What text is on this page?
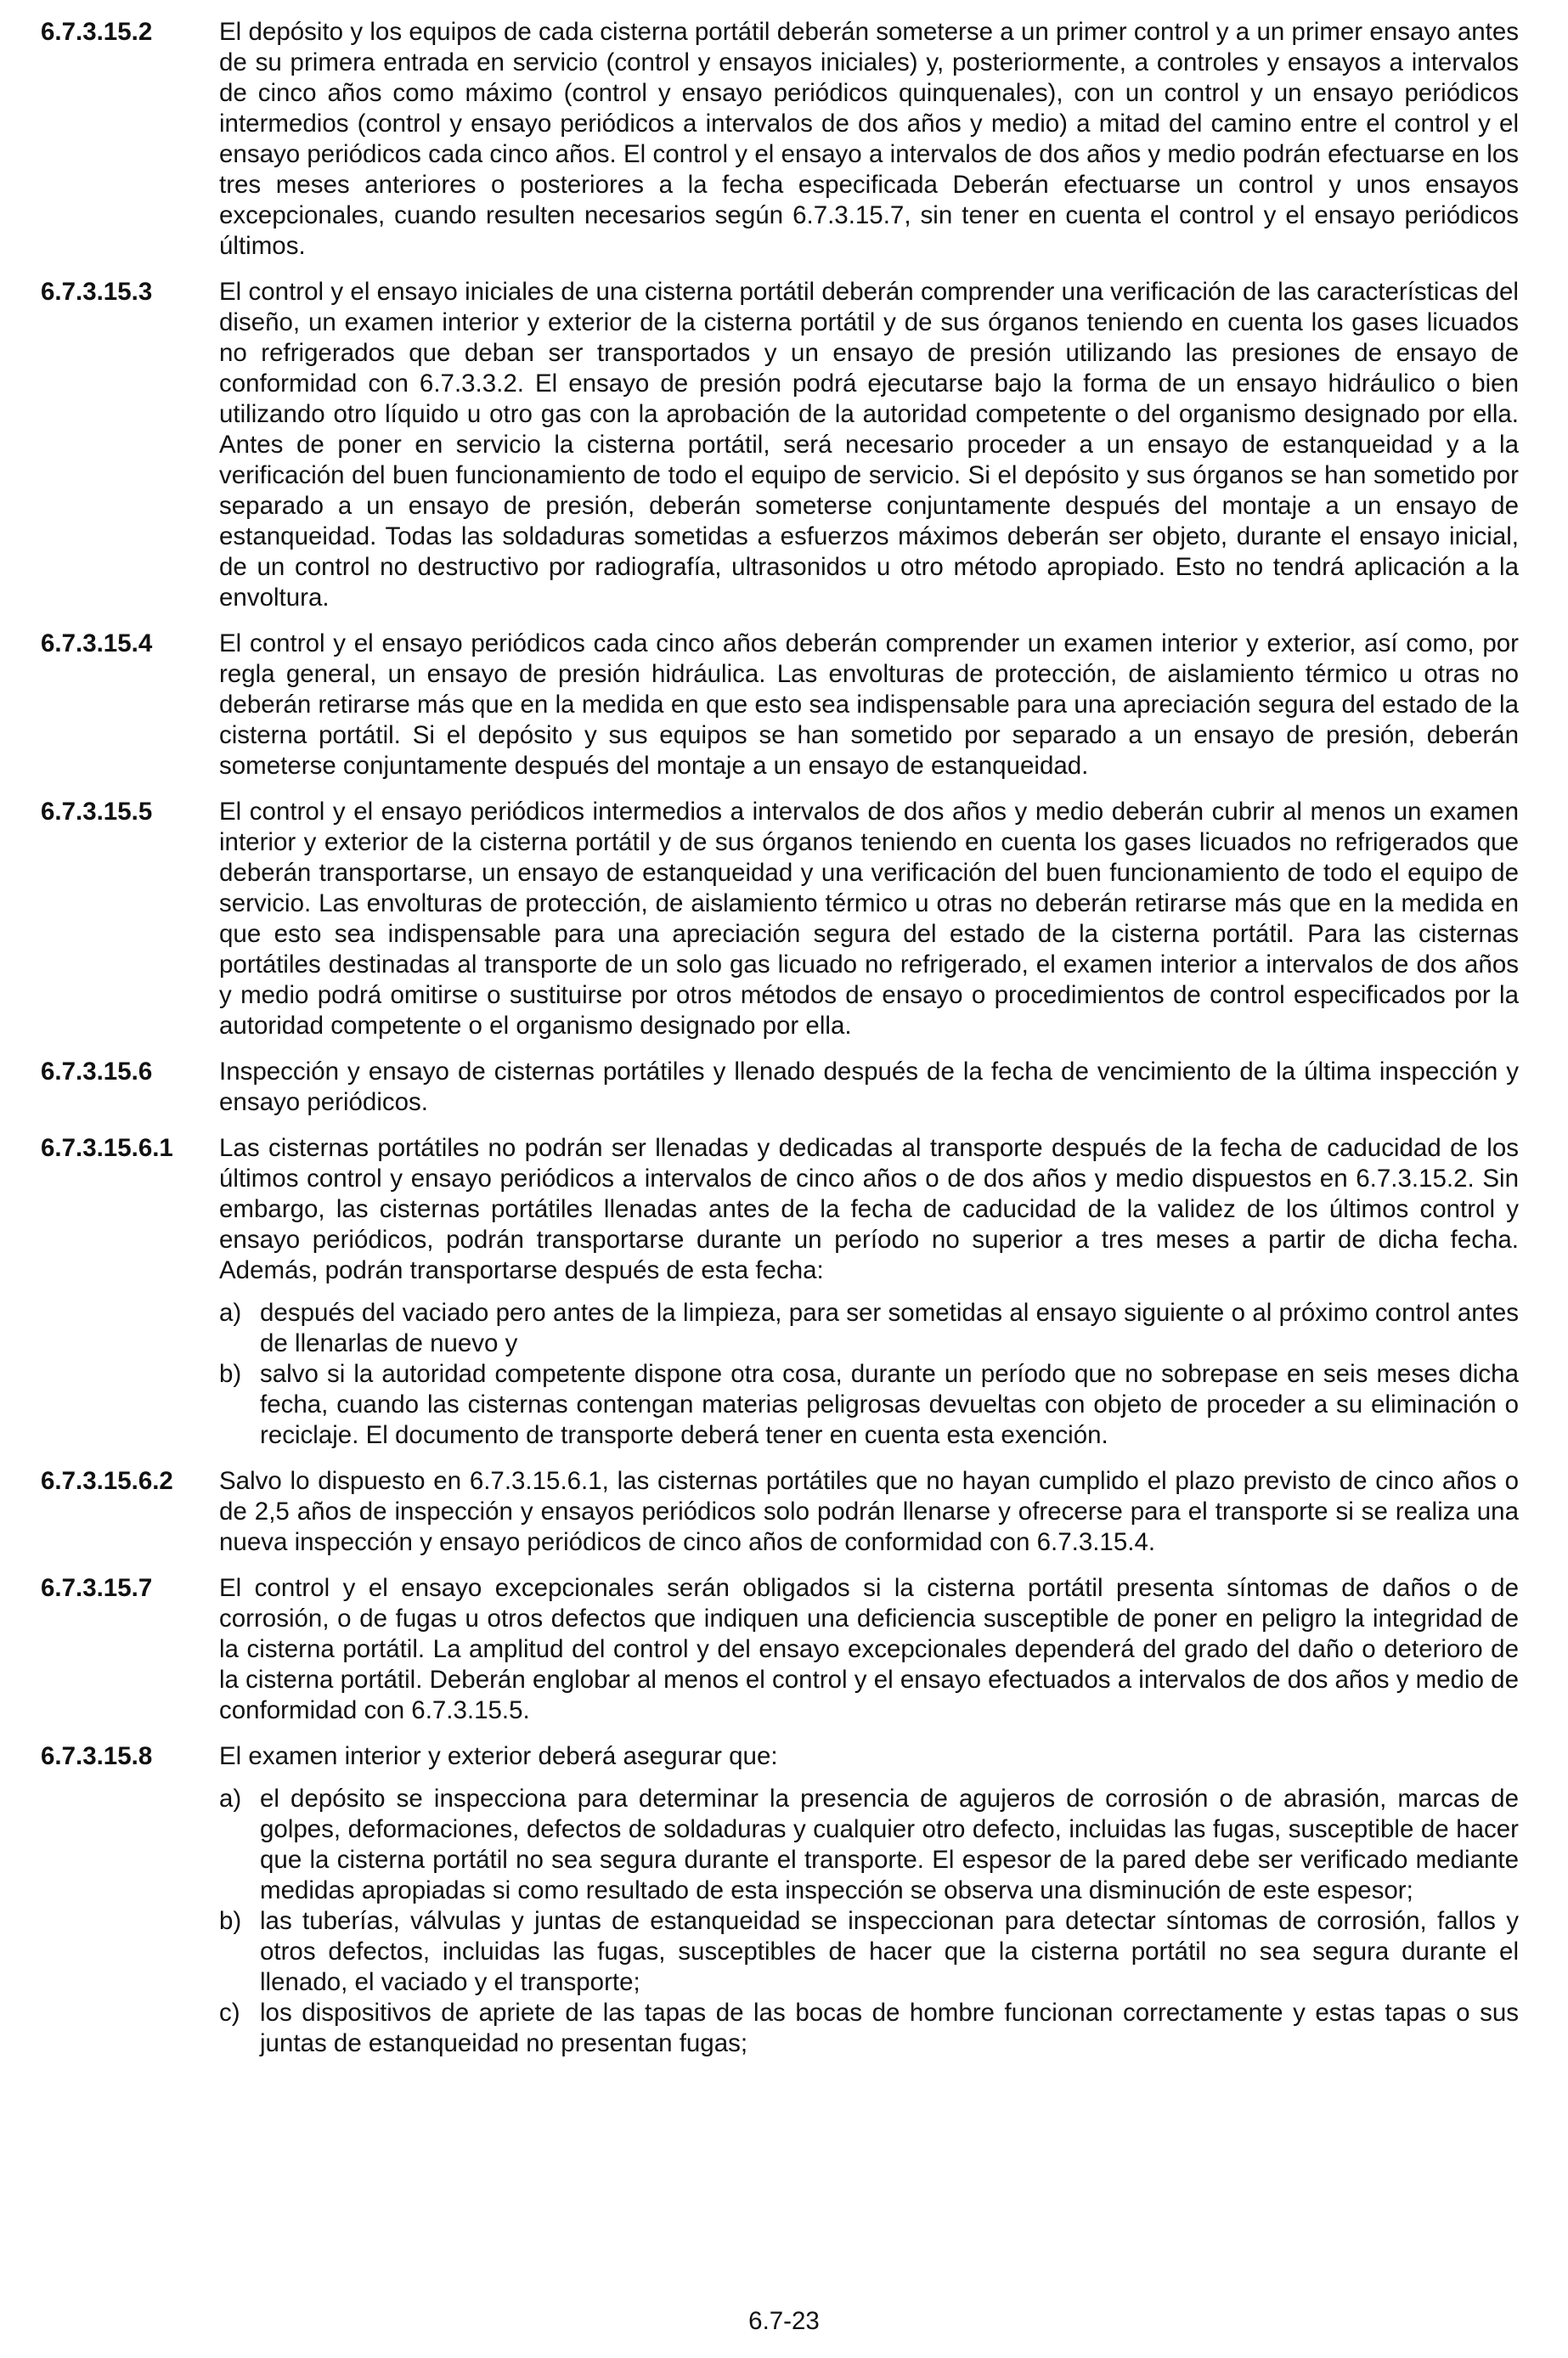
6.7.3.15.2	El depósito y los equipos de cada cisterna portátil deberán someterse a un primer control y a un primer ensayo antes de su primera entrada en servicio (control y ensayos iniciales) y, posteriormente, a controles y ensayos a intervalos de cinco años como máximo (control y ensayo periódicos quinquenales), con un control y un ensayo periódicos intermedios (control y ensayo periódicos a intervalos de dos años y medio) a mitad del camino entre el control y el ensayo periódicos cada cinco años. El control y el ensayo a intervalos de dos años y medio podrán efectuarse en los tres meses anteriores o posteriores a la fecha especificada Deberán efectuarse un control y unos ensayos excepcionales, cuando resulten necesarios según 6.7.3.15.7, sin tener en cuenta el control y el ensayo periódicos últimos.

6.7.3.15.3	El control y el ensayo iniciales de una cisterna portátil deberán comprender una verificación de las características del diseño, un examen interior y exterior de la cisterna portátil y de sus órganos teniendo en cuenta los gases licuados no refrigerados que deban ser transportados y un ensayo de presión utilizando las presiones de ensayo de conformidad con 6.7.3.3.2. El ensayo de presión podrá ejecutarse bajo la forma de un ensayo hidráulico o bien utilizando otro líquido u otro gas con la aprobación de la autoridad competente o del organismo designado por ella. Antes de poner en servicio la cisterna portátil, será necesario proceder a un ensayo de estanqueidad y a la verificación del buen funcionamiento de todo el equipo de servicio. Si el depósito y sus órganos se han sometido por separado a un ensayo de presión, deberán someterse conjuntamente después del montaje a un ensayo de estanqueidad. Todas las soldaduras sometidas a esfuerzos máximos deberán ser objeto, durante el ensayo inicial, de un control no destructivo por radiografía, ultrasonidos u otro método apropiado. Esto no tendrá aplicación a la envoltura.

6.7.3.15.4	El control y el ensayo periódicos cada cinco años deberán comprender un examen interior y exterior, así como, por regla general, un ensayo de presión hidráulica. Las envolturas de protección, de aislamiento térmico u otras no deberán retirarse más que en la medida en que esto sea indispensable para una apreciación segura del estado de la cisterna portátil. Si el depósito y sus equipos se han sometido por separado a un ensayo de presión, deberán someterse conjuntamente después del montaje a un ensayo de estanqueidad.

6.7.3.15.5	El control y el ensayo periódicos intermedios a intervalos de dos años y medio deberán cubrir al menos un examen interior y exterior de la cisterna portátil y de sus órganos teniendo en cuenta los gases licuados no refrigerados que deberán transportarse, un ensayo de estanqueidad y una verificación del buen funcionamiento de todo el equipo de servicio. Las envolturas de protección, de aislamiento térmico u otras no deberán retirarse más que en la medida en que esto sea indispensable para una apreciación segura del estado de la cisterna portátil. Para las cisternas portátiles destinadas al transporte de un solo gas licuado no refrigerado, el examen interior a intervalos de dos años y medio podrá omitirse o sustituirse por otros métodos de ensayo o procedimientos de control especificados por la autoridad competente o el organismo designado por ella.

6.7.3.15.6	Inspección y ensayo de cisternas portátiles y llenado después de la fecha de vencimiento de la última inspección y ensayo periódicos.

6.7.3.15.6.1	Las cisternas portátiles no podrán ser llenadas y dedicadas al transporte después de la fecha de caducidad de los últimos control y ensayo periódicos a intervalos de cinco años o de dos años y medio dispuestos en 6.7.3.15.2. Sin embargo, las cisternas portátiles llenadas antes de la fecha de caducidad de la validez de los últimos control y ensayo periódicos, podrán transportarse durante un período no superior a tres meses a partir de dicha fecha. Además, podrán transportarse después de esta fecha:

a) después del vaciado pero antes de la limpieza, para ser sometidas al ensayo siguiente o al próximo control antes de llenarlas de nuevo y
b) salvo si la autoridad competente dispone otra cosa, durante un período que no sobrepase en seis meses dicha fecha, cuando las cisternas contengan materias peligrosas devueltas con objeto de proceder a su eliminación o reciclaje. El documento de transporte deberá tener en cuenta esta exención.
6.7.3.15.6.2	Salvo lo dispuesto en 6.7.3.15.6.1, las cisternas portátiles que no hayan cumplido el plazo previsto de cinco años o de 2,5 años de inspección y ensayos periódicos solo podrán llenarse y ofrecerse para el transporte si se realiza una nueva inspección y ensayo periódicos de cinco años de conformidad con 6.7.3.15.4.

6.7.3.15.7	El control y el ensayo excepcionales serán obligados si la cisterna portátil presenta síntomas de daños o de corrosión, o de fugas u otros defectos que indiquen una deficiencia susceptible de poner en peligro la integridad de la cisterna portátil. La amplitud del control y del ensayo excepcionales dependerá del grado del daño o deterioro de la cisterna portátil. Deberán englobar al menos el control y el ensayo efectuados a intervalos de dos años y medio de conformidad con 6.7.3.15.5.

6.7.3.15.8	El examen interior y exterior deberá asegurar que:

a) el depósito se inspecciona para determinar la presencia de agujeros de corrosión o de abrasión, marcas de golpes, deformaciones, defectos de soldaduras y cualquier otro defecto, incluidas las fugas, susceptible de hacer que la cisterna portátil no sea segura durante el transporte. El espesor de la pared debe ser verificado mediante medidas apropiadas si como resultado de esta inspección se observa una disminución de este espesor;
b) las tuberías, válvulas y juntas de estanqueidad se inspeccionan para detectar síntomas de corrosión, fallos y otros defectos, incluidas las fugas, susceptibles de hacer que la cisterna portátil no sea segura durante el llenado, el vaciado y el transporte;
c) los dispositivos de apriete de las tapas de las bocas de hombre funcionan correctamente y estas tapas o sus juntas de estanqueidad no presentan fugas;
6.7-23
